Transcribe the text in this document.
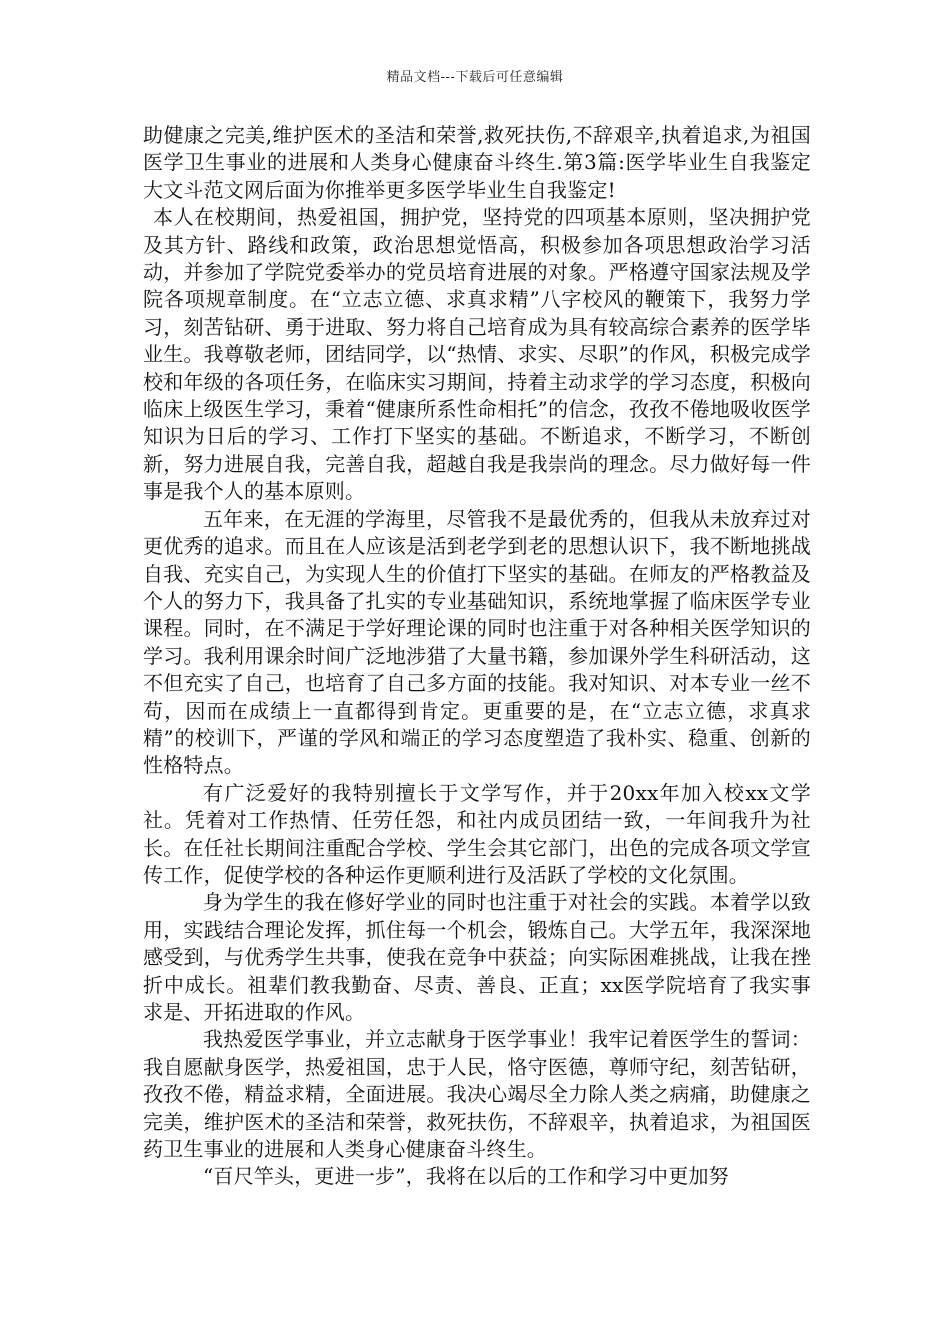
精品文档---下载后可任意编辑

助健康之完美,维护医术的圣洁和荣誉,救死扶伤,不辞艰辛,执着追求,为祖国医学卫生事业的进展和人类身心健康奋斗终生.第3篇:医学毕业生自我鉴定大文斗范文网后面为你推举更多医学毕业生自我鉴定!

本人在校期间，热爱祖国，拥护党，坚持党的四项基本原则，坚决拥护党及其方针、路线和政策，政治思想觉悟高，积极参加各项思想政治学习活动，并参加了学院党委举办的党员培育进展的对象。严格遵守国家法规及学院各项规章制度。在“立志立德、求真求精”八字校风的鞭策下，我努力学习，刻苦钻研、勇于进取、努力将自己培育成为具有较高综合素养的医学毕业生。我尊敬老师，团结同学，以“热情、求实、尽职”的作风，积极完成学校和年级的各项任务，在临床实习期间，持着主动求学的学习态度，积极向临床上级医生学习，秉着“健康所系性命相托”的信念，孜孜不倦地吸收医学知识为日后的学习、工作打下坚实的基础。不断追求，不断学习，不断创新，努力进展自我，完善自我，超越自我是我崇尚的理念。尽力做好每一件事是我个人的基本原则。

五年来，在无涯的学海里，尽管我不是最优秀的，但我从未放弃过对更优秀的追求。而且在人应该是活到老学到老的思想认识下，我不断地挑战自我、充实自己，为实现人生的价值打下坚实的基础。在师友的严格教益及个人的努力下，我具备了扎实的专业基础知识，系统地掌握了临床医学专业课程。同时，在不满足于学好理论课的同时也注重于对各种相关医学知识的学习。我利用课余时间广泛地涉猎了大量书籍，参加课外学生科研活动，这不但充实了自己，也培育了自己多方面的技能。我对知识、对本专业一丝不苟，因而在成绩上一直都得到肯定。更重要的是，在“立志立德，求真求精”的校训下，严谨的学风和端正的学习态度塑造了我朴实、稳重、创新的性格特点。

有广泛爱好的我特别擅长于文学写作，并于20xx年加入校xx文学社。凭着对工作热情、任劳任怨，和社内成员团结一致，一年间我升为社长。在任社长期间注重配合学校、学生会其它部门，出色的完成各项文学宣传工作，促使学校的各种运作更顺利进行及活跃了学校的文化氛围。

身为学生的我在修好学业的同时也注重于对社会的实践。本着学以致用，实践结合理论发挥，抓住每一个机会，锻炼自己。大学五年，我深深地感受到，与优秀学生共事，使我在竞争中获益；向实际困难挑战，让我在挫折中成长。祖辈们教我勤奋、尽责、善良、正直；xx医学院培育了我实事求是、开拓进取的作风。

我热爱医学事业，并立志献身于医学事业！我牢记着医学生的誓词：我自愿献身医学，热爱祖国，忠于人民，恪守医德，尊师守纪，刻苦钻研，孜孜不倦，精益求精，全面进展。我决心竭尽全力除人类之病痛，助健康之完美，维护医术的圣洁和荣誉，救死扶伤，不辞艰辛，执着追求，为祖国医药卫生事业的进展和人类身心健康奋斗终生。

“百尺竿头，更进一步”，我将在以后的工作和学习中更加努
